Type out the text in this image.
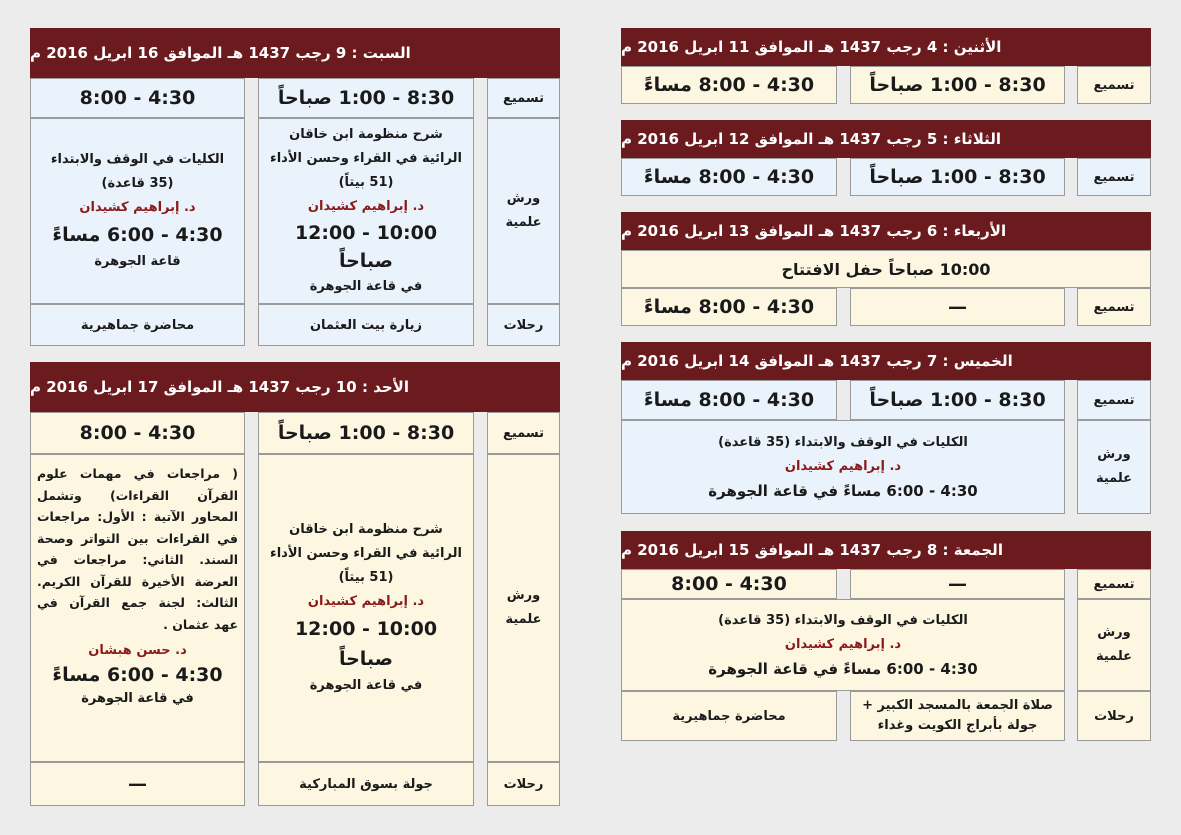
الأثنين : 4 رجب 1437 هـ الموافق 11 ابريل 2016 م
تسميع
8:30 - 1:00 صباحاً
4:30 - 8:00 مساءً
الثلاثاء : 5 رجب 1437 هـ الموافق 12 ابريل 2016 م
تسميع
8:30 - 1:00 صباحاً
4:30 - 8:00 مساءً
الأربعاء : 6 رجب 1437 هـ الموافق 13 ابريل 2016 م
10:00 صباحاً حفل الافتتاح
تسميع
—
4:30 - 8:00 مساءً
الخميس : 7 رجب 1437 هـ الموافق 14 ابريل 2016 م
تسميع
8:30 - 1:00 صباحاً
4:30 - 8:00 مساءً
ورش علمية
الكليات في الوقف والابتداء (35 قاعدة)
د. إبراهيم كشيدان
4:30 - 6:00 مساءً في قاعة الجوهرة
الجمعة : 8 رجب 1437 هـ الموافق 15 ابريل 2016 م
تسميع
—
4:30 - 8:00
ورش علمية
الكليات في الوقف والابتداء (35 قاعدة)
د. إبراهيم كشيدان
4:30 - 6:00 مساءً في قاعة الجوهرة
رحلات
صلاة الجمعة بالمسجد الكبير + جولة بأبراج الكويت وغداء
محاضرة جماهيرية
السبت : 9 رجب 1437 هـ الموافق 16 ابريل 2016 م
تسميع
8:30 - 1:00 صباحاً
4:30 - 8:00
ورش علمية
شرح منظومة ابن خاقان الرائية في القراء وحسن الأداء
(51 بيتاً)
د. إبراهيم كشيدان
10:00 - 12:00 صباحاً
في قاعة الجوهرة
الكليات في الوقف والابتداء
(35 قاعدة)
د. إبراهيم كشيدان
4:30 - 6:00 مساءً
قاعة الجوهرة
رحلات
زيارة بيت العثمان
محاضرة جماهيرية
الأحد : 10 رجب 1437 هـ الموافق 17 ابريل 2016 م
تسميع
8:30 - 1:00 صباحاً
4:30 - 8:00
ورش علمية
شرح منظومة ابن خاقان الرائية في القراء وحسن الأداء
(51 بيتاً)
د. إبراهيم كشيدان
10:00 - 12:00 صباحاً
في قاعة الجوهرة
( مراجعات في مهمات علوم القرآن القراءات) وتشمل المحاور الآتية : الأول: مراجعات في القراءات بين التواتر وصحة السند. الثاني: مراجعات في العرضة الأخيرة للقرآن الكريم. الثالث: لجنة جمع القرآن في عهد عثمان .
د. حسن هبشان
4:30 - 6:00 مساءً
في قاعة الجوهرة
رحلات
جولة بسوق المباركية
—
